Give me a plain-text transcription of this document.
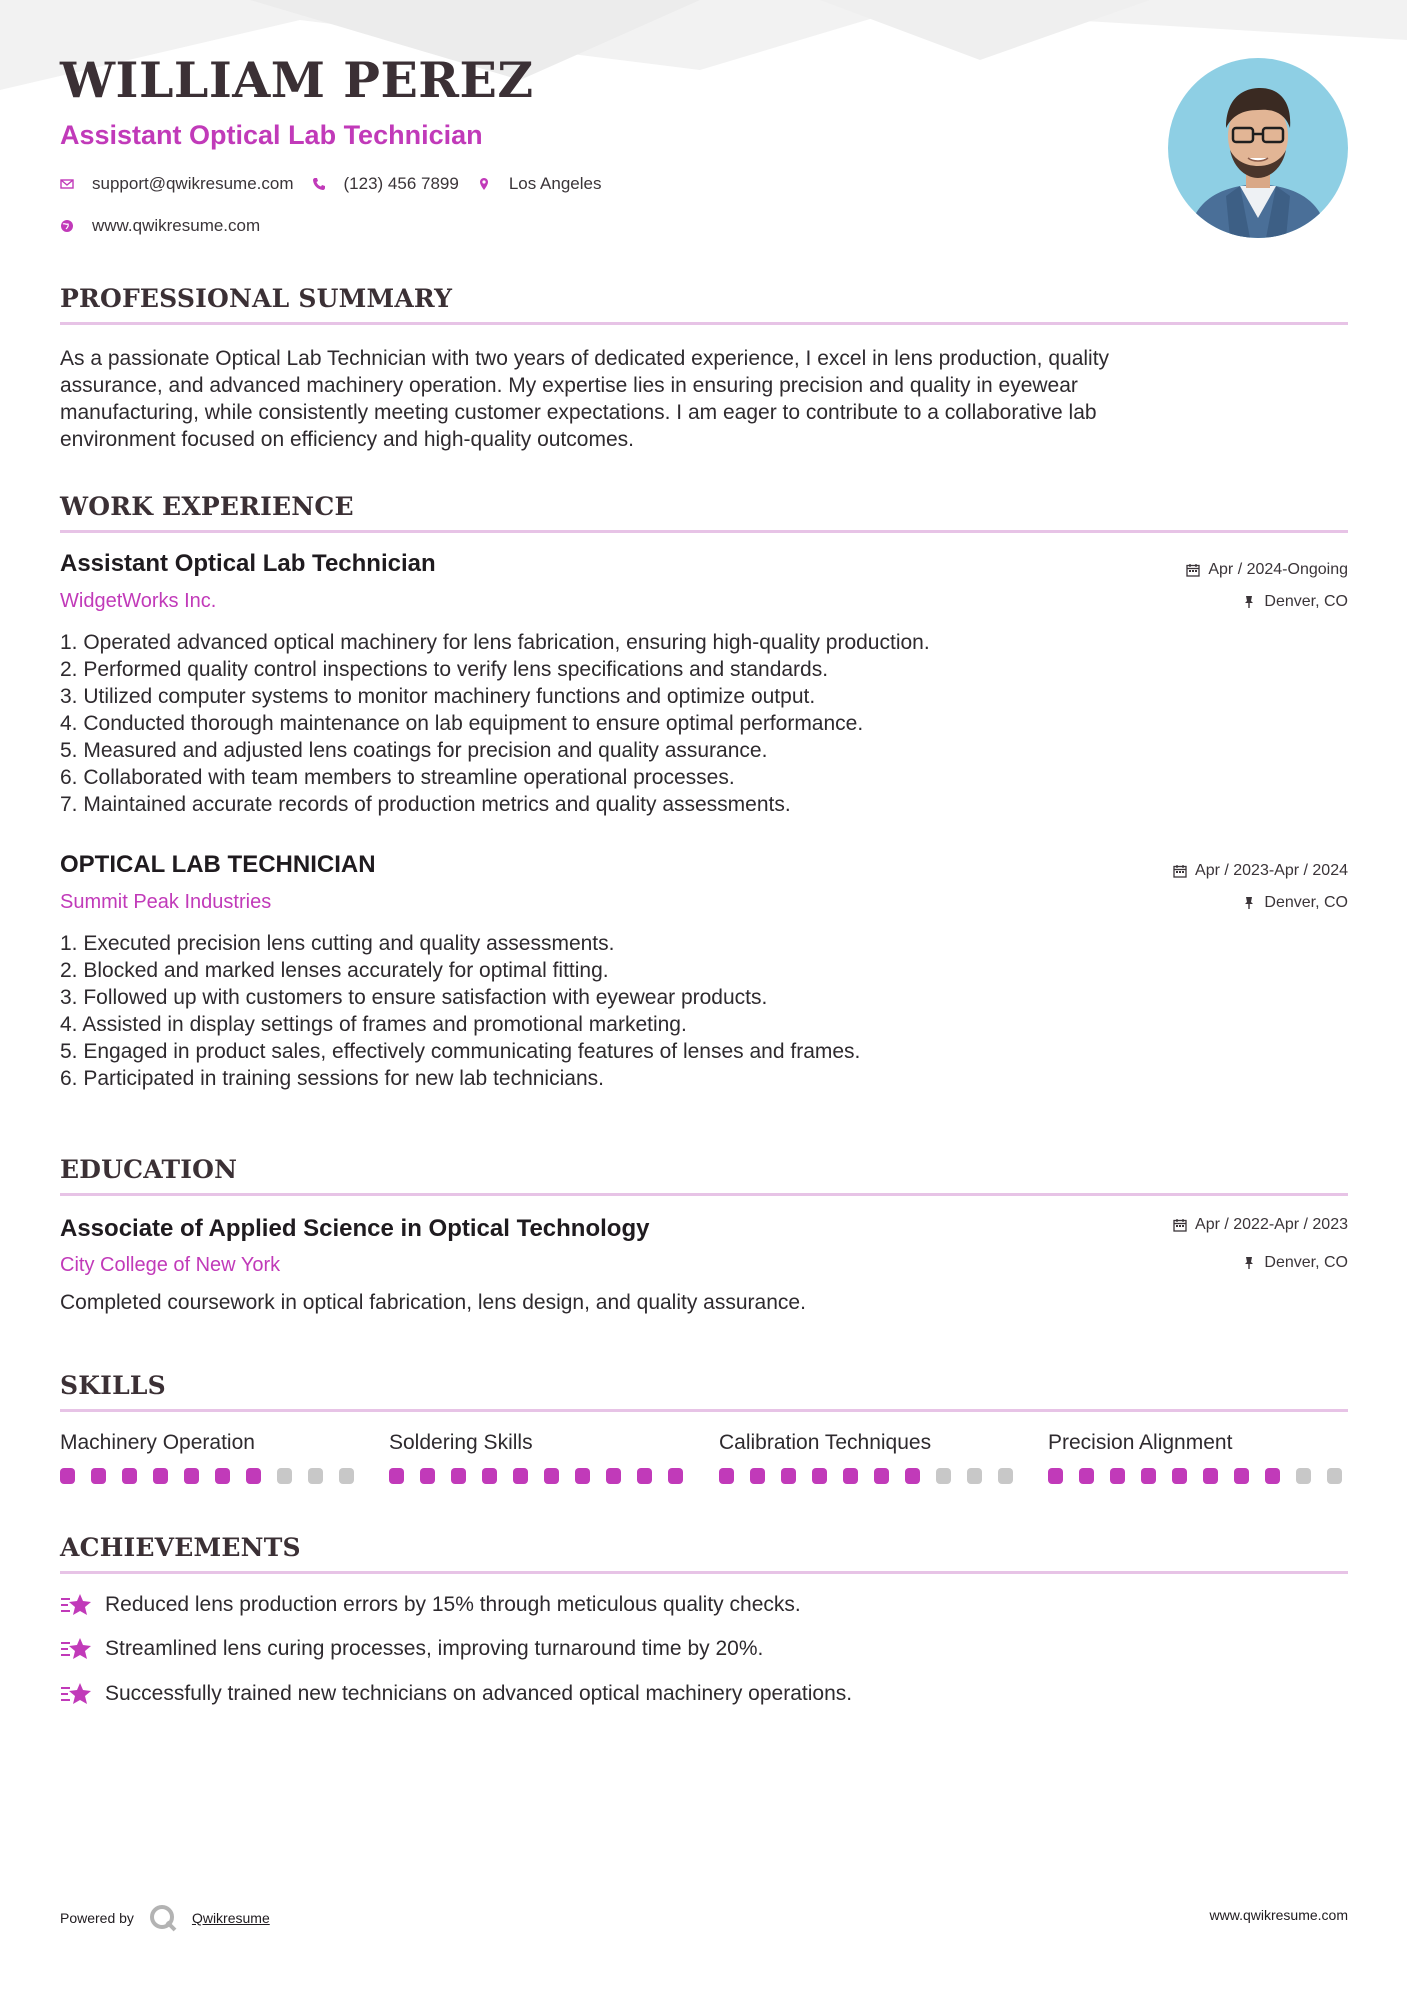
WILLIAM PEREZ
Assistant Optical Lab Technician
support@qwikresume.com	(123) 456 7899	Los Angeles
www.qwikresume.com
PROFESSIONAL SUMMARY
As a passionate Optical Lab Technician with two years of dedicated experience, I excel in lens production, quality
assurance, and advanced machinery operation. My expertise lies in ensuring precision and quality in eyewear
manufacturing, while consistently meeting customer expectations. I am eager to contribute to a collaborative lab
environment focused on efficiency and high-quality outcomes.
WORK EXPERIENCE
Assistant Optical Lab Technician
WidgetWorks Inc.
Apr / 2024-Ongoing
Denver, CO
1. Operated advanced optical machinery for lens fabrication, ensuring high-quality production.
2. Performed quality control inspections to verify lens specifications and standards.
3. Utilized computer systems to monitor machinery functions and optimize output.
4. Conducted thorough maintenance on lab equipment to ensure optimal performance.
5. Measured and adjusted lens coatings for precision and quality assurance.
6. Collaborated with team members to streamline operational processes.
7. Maintained accurate records of production metrics and quality assessments.
OPTICAL LAB TECHNICIAN
Summit Peak Industries
Apr / 2023-Apr / 2024
Denver, CO
1. Executed precision lens cutting and quality assessments.
2. Blocked and marked lenses accurately for optimal fitting.
3. Followed up with customers to ensure satisfaction with eyewear products.
4. Assisted in display settings of frames and promotional marketing.
5. Engaged in product sales, effectively communicating features of lenses and frames.
6. Participated in training sessions for new lab technicians.
EDUCATION
Associate of Applied Science in Optical Technology
City College of New York
Apr / 2022-Apr / 2023
Denver, CO
Completed coursework in optical fabrication, lens design, and quality assurance.
SKILLS

Machinery Operation	Soldering Skills	Calibration Techniques	Precision Alignment

ACHIEVEMENTS
Reduced lens production errors by 15% through meticulous quality checks.
Streamlined lens curing processes, improving turnaround time by 20%.
Successfully trained new technicians on advanced optical machinery operations.
Powered by	Qwikresume	www.qwikresume.com
